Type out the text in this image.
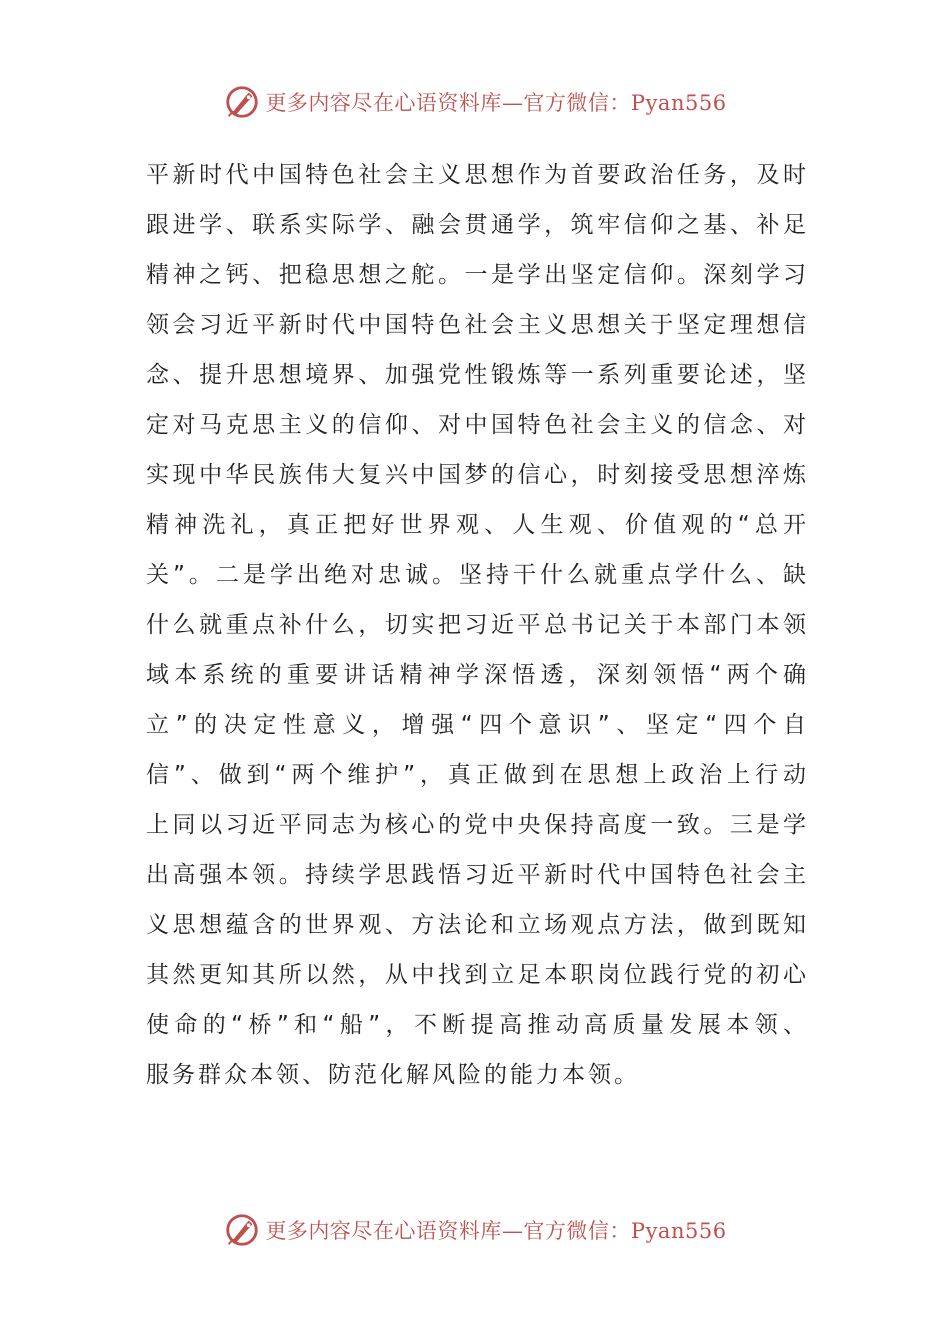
更多内容尽在心语资料库—官方微信：Pyan556
平新时代中国特色社会主义思想作为首要政治任务，及时
跟进学、联系实际学、融会贯通学，筑牢信仰之基、补足
精神之钙、把稳思想之舵。一是学出坚定信仰。深刻学习
领会习近平新时代中国特色社会主义思想关于坚定理想信
念、提升思想境界、加强党性锻炼等一系列重要论述，坚
定对马克思主义的信仰、对中国特色社会主义的信念、对
实现中华民族伟大复兴中国梦的信心，时刻接受思想淬炼
精神洗礼，真正把好世界观、人生观、价值观的“总开
关”。二是学出绝对忠诚。坚持干什么就重点学什么、缺
什么就重点补什么，切实把习近平总书记关于本部门本领
域本系统的重要讲话精神学深悟透，深刻领悟“两个确
立”的决定性意义，增强“四个意识”、坚定“四个自
信”、做到“两个维护”，真正做到在思想上政治上行动
上同以习近平同志为核心的党中央保持高度一致。三是学
出高强本领。持续学思践悟习近平新时代中国特色社会主
义思想蕴含的世界观、方法论和立场观点方法，做到既知
其然更知其所以然，从中找到立足本职岗位践行党的初心
使命的“桥”和“船”，不断提高推动高质量发展本领、
服务群众本领、防范化解风险的能力本领。
更多内容尽在心语资料库—官方微信：Pyan556
